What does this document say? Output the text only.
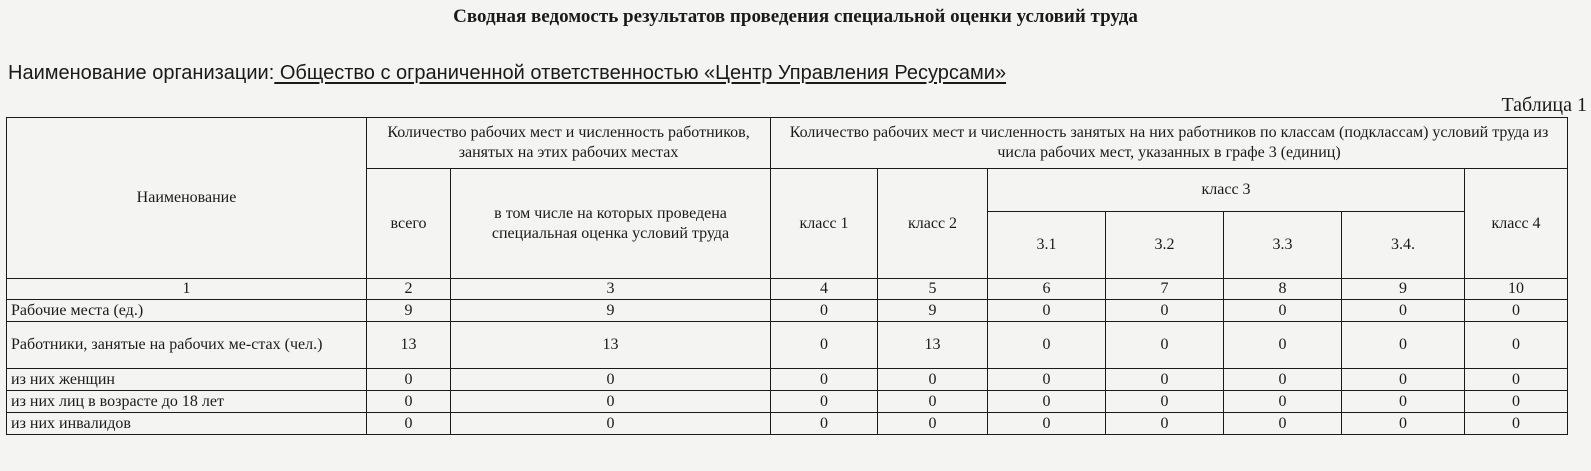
Сводная ведомость результатов проведения специальной оценки условий труда
Наименование организации: Общество с ограниченной ответственностью «Центр Управления Ресурсами»
Таблица 1
Наименование	Количество рабочих мест и численность работников, занятых на этих рабочих местах		Количество рабочих мест и численность занятых на них работников по классам (подклассам) условий труда из числа рабочих мест, указанных в графе 3 (единиц)						
	всего	в том числе на которых проведена специальная оценка условий труда	класс 1	класс 2	класс 3				класс 4
					3.1	3.2	3.3	3.4.	
1	2	3	4	5	6	7	8	9	10
Рабочие места (ед.)	9	9	0	9	0	0	0	0	0
Работники, занятые на рабочих ме-стах (чел.)	13	13	0	13	0	0	0	0	0
из них женщин	0	0	0	0	0	0	0	0	0
из них лиц в возрасте до 18 лет	0	0	0	0	0	0	0	0	0
из них инвалидов	0	0	0	0	0	0	0	0	0
